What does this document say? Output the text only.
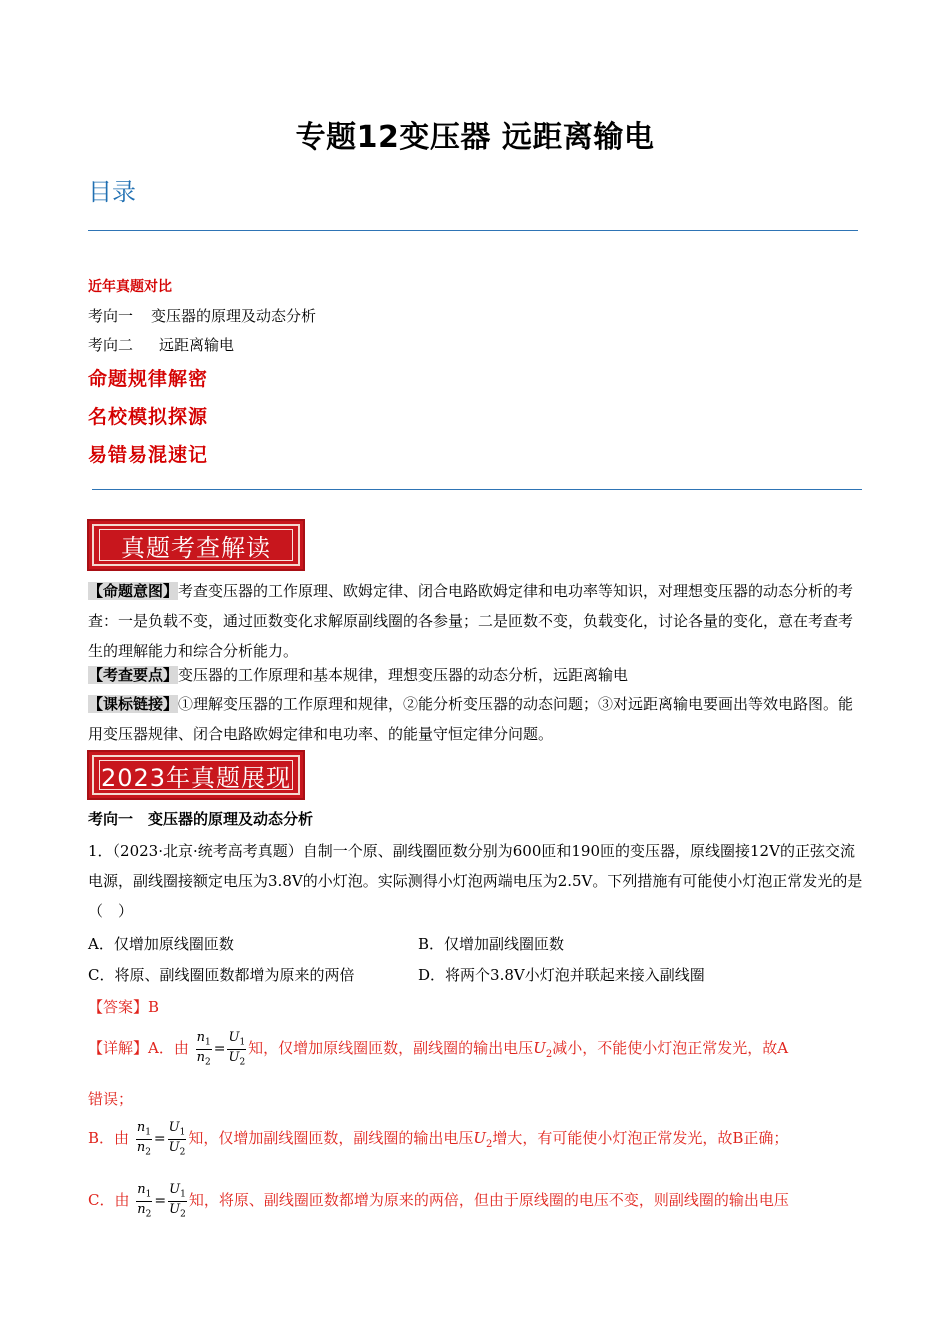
专题12变压器 远距离输电
目录
近年真题对比
考向一 变压器的原理及动态分析
考向二 远距离输电
命题规律解密
名校模拟探源
易错易混速记
真题考查解读
【命题意图】考查变压器的工作原理、欧姆定律、闭合电路欧姆定律和电功率等知识，对理想变压器的动态分析的考查：一是负载不变，通过匝数变化求解原副线圈的各参量；二是匝数不变，负载变化，讨论各量的变化，意在考查考生的理解能力和综合分析能力。
【考查要点】变压器的工作原理和基本规律，理想变压器的动态分析，远距离输电
【课标链接】①理解变压器的工作原理和规律，②能分析变压器的动态问题；③对远距离输电要画出等效电路图。能用变压器规律、闭合电路欧姆定律和电功率、的能量守恒定律分问题。
2023年真题展现
考向一　变压器的原理及动态分析
1．（2023·北京·统考高考真题）自制一个原、副线圈匝数分别为600匝和190匝的变压器，原线圈接12V的正弦交流电源，副线圈接额定电压为3.8V的小灯泡。实际测得小灯泡两端电压为2.5V。下列措施有可能使小灯泡正常发光的是（　）
A．仅增加原线圈匝数	B．仅增加副线圈匝数
C．将原、副线圈匝数都增为原来的两倍	D．将两个3.8V小灯泡并联起来接入副线圈
【答案】B
【详解】A．由 $\frac{n_1}{n_2} = \frac{U_1}{U_2}$ 知，仅增加原线圈匝数，副线圈的输出电压$U_2$减小，不能使小灯泡正常发光，故A
错误；
B．由 $\frac{n_1}{n_2} = \frac{U_1}{U_2}$ 知，仅增加副线圈匝数，副线圈的输出电压$U_2$增大，有可能使小灯泡正常发光，故B正确；
C．由 $\frac{n_1}{n_2} = \frac{U_1}{U_2}$ 知，将原、副线圈匝数都增为原来的两倍，但由于原线圈的电压不变，则副线圈的输出电压
